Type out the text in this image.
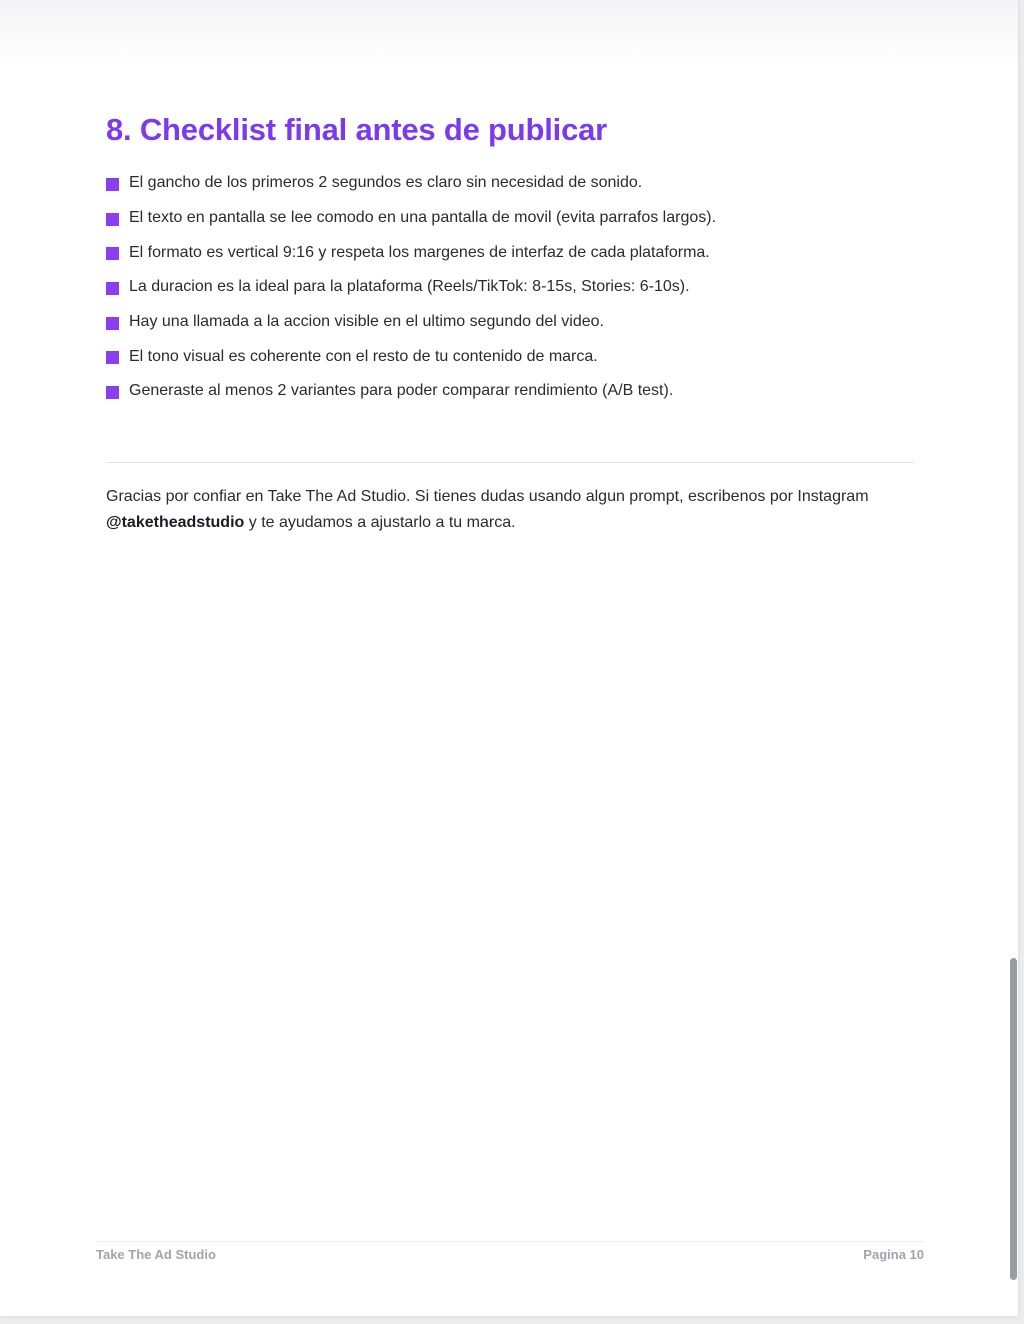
8. Checklist final antes de publicar
El gancho de los primeros 2 segundos es claro sin necesidad de sonido.
El texto en pantalla se lee comodo en una pantalla de movil (evita parrafos largos).
El formato es vertical 9:16 y respeta los margenes de interfaz de cada plataforma.
La duracion es la ideal para la plataforma (Reels/TikTok: 8-15s, Stories: 6-10s).
Hay una llamada a la accion visible en el ultimo segundo del video.
El tono visual es coherente con el resto de tu contenido de marca.
Generaste al menos 2 variantes para poder comparar rendimiento (A/B test).

Gracias por confiar en Take The Ad Studio. Si tienes dudas usando algun prompt, escribenos por Instagram @taketheadstudio y te ayudamos a ajustarlo a tu marca.

Take The Ad Studio	Pagina 10
